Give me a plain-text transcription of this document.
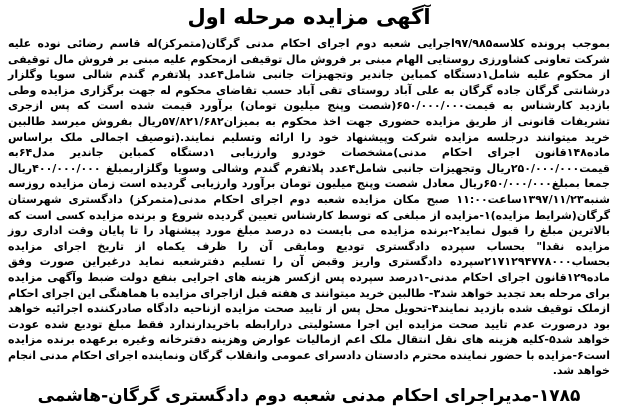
آگهی مزایده مرحله اول

بموجب پرونده کلاسه۹۷/۹۸۵اجرایی شعبه دوم اجرای احکام مدنی گرگان(متمرکز)له قاسم رضائی نوده علیه شرکت تعاونی کشاورزی روستایی الهام مبنی بر فروش مال توقیفی ازمحکوم علیه مبنی بر فروش مال توقیفی از محکوم علیه شامل۱دستگاه کمباین جاندیر وتجهیزات جانبی شامل۴عدد پلاتفرم گندم شالی سویا وگلزار درشانتی گرگان جاده گرگان به علی آباد روستای تقی آباد حسب تقاضای محکوم له جهت برگزاری مزایده وطی بازدید کارشناس به قیمت۶۵۰/۰۰۰/۰۰۰(شصت وپنج میلیون تومان) برآورد قیمت شده است که پس ازجری تشریفات قانونی از طریق مزایده حضوری جهت اخذ محکوم به بمیزان۵۷/۸۲۱/۶۸۲ریال بفروش میرسد طالبین خرید میتوانند درجلسه مزایده شرکت وپیشنهاد خود را ارائه وتسلیم نمایند.(توصیف اجمالی ملک براساس ماده۱۴۸قانون اجرای احکام مدنی)مشخصات خودرو وارزیابی ۱دستگاه کمباین جاندیر مدل۶۴به قیمت۲۵۰/۰۰۰/۰۰۰ریال وتجهیزات جانبی شامل۴عدد پلاتفرم گندم وشالی وسویا وگلزاربمبلغ ۴۰۰/۰۰۰/۰۰۰ریال جمعا بمبلغ۶۵۰/۰۰۰/۰۰۰ریال معادل شصت وپنج میلیون تومان برآورد وارزیابی گردیده است زمان مزایده روزسه شنبه۱۳۹۷/۱۱/۲۳ساعت۱۱:۰۰ صبح مکان مزایده شعبه دوم اجرای احکام مدنی(متمرکز) دادگستری شهرستان گرگان(شرایط مزایده)۱-مزایده از مبلغی که توسط کارشناس تعیین گردیده شروع و برنده مزایده کسی است که بالاترین مبلغ را قبول نماید۲-برنده مزایده می بایست ده درصد مبلغ مورد پیشنهاد را تا پایان وقت اداری روز مزایده نقدا" بحساب سپرده دادگستری تودیع ومابقی آن را ظرف یکماه از تاریخ اجرای مزایده بحساب۲۱۷۱۲۹۴۷۷۸۰۰۰سپرده دادگستری واریز وقبض آن را تسلیم دفترشعبه نماید درغیراین صورت وفق ماده۱۲۹قانون اجرای احکام مدنی-۱درصد سپرده پس ازکسر هزینه های اجرایی بنفع دولت ضبط وآگهی مزایده برای مرحله بعد تجدید خواهد شد۳- طالبین خرید میتوانند ی هفته قبل ازاجرای مزایده با هماهنگی این اجرای احکام ازملک توقیف شده بازدید نمایند۴-تحویل محل پس از تایید صحت مزایده ازناحیه دادگاه صادرکننده اجرائیه خواهد بود درصورت عدم تایید صحت مزایده این اجرا مسئولیتی درارابطه باخریدارندارد فقط مبلغ تودیع شده عودت خواهد شد۵-کلیه هزینه های نقل انتقال ملک اعم ازمالیات عوارض وهزینه دفترخانه وغیره برعهده برنده مزایده است۶-مزایده با حضور نماینده محترم دادستان دادسرای عمومی وانقلاب گرگان ونماینده اجرای احکام مدنی انجام خواهد شد.

۱۷۸۵-مدیراجرای احکام مدنی شعبه دوم دادگستری گرگان-هاشمی
